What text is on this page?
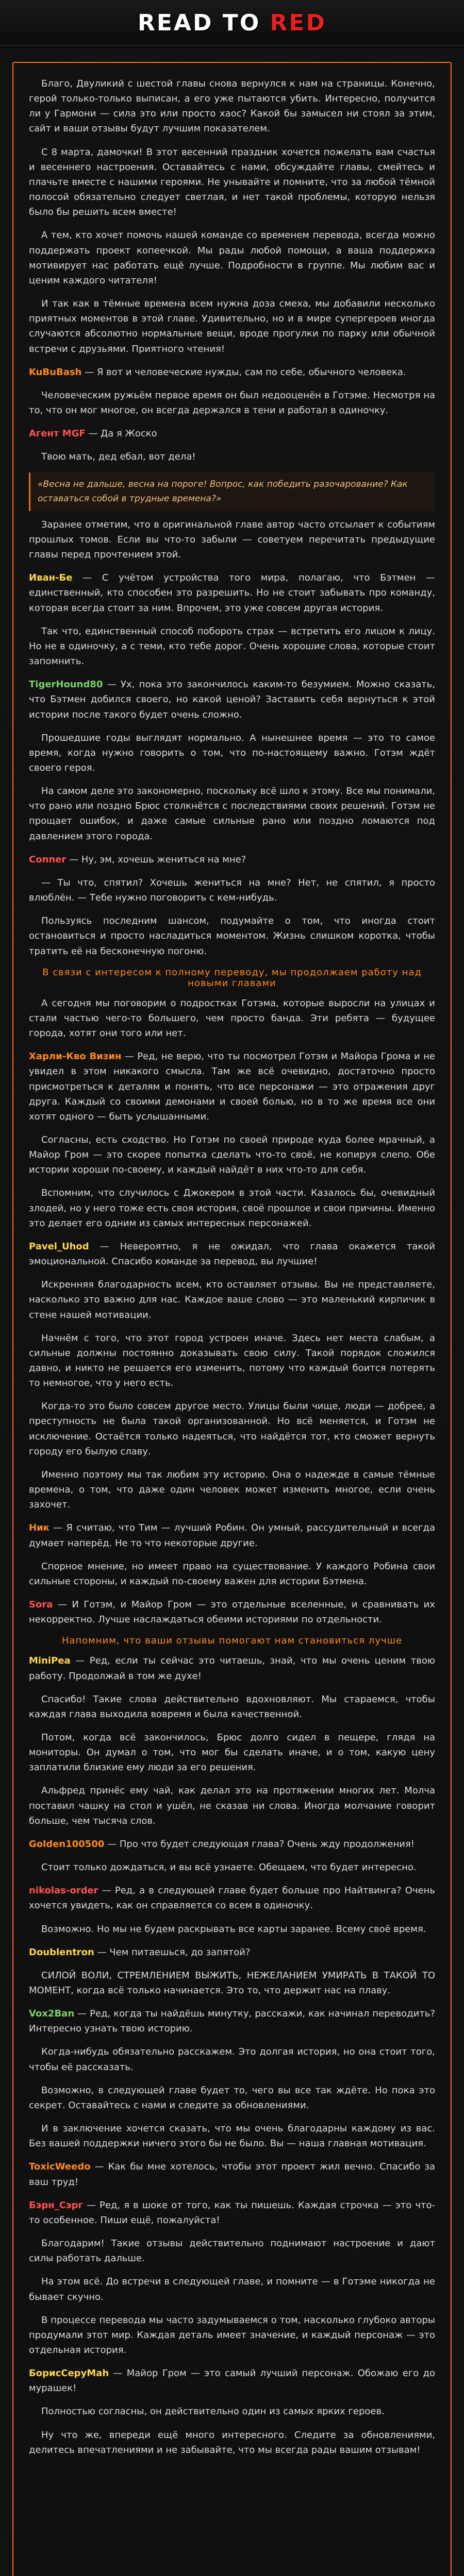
READ TO RED
Благо, Двуликий с шестой главы снова вернулся к нам на страницы. Конечно, герой только-только выписан, а его уже пытаются убить. Интересно, получится ли у Гармони — сила это или просто хаос? Какой бы замысел ни стоял за этим, сайт и ваши отзывы будут лучшим показателем.
С 8 марта, дамочки! В этот весенний праздник хочется пожелать вам счастья и весеннего настроения. Оставайтесь с нами, обсуждайте главы, смейтесь и плачьте вместе с нашими героями. Не унывайте и помните, что за любой тёмной полосой обязательно следует светлая, и нет такой проблемы, которую нельзя было бы решить всем вместе!
А тем, кто хочет помочь нашей команде со временем перевода, всегда можно поддержать проект копеечкой. Мы рады любой помощи, а ваша поддержка мотивирует нас работать ещё лучше. Подробности в группе. Мы любим вас и ценим каждого читателя!
И так как в тёмные времена всем нужна доза смеха, мы добавили несколько приятных моментов в этой главе. Удивительно, но и в мире супергероев иногда случаются абсолютно нормальные вещи, вроде прогулки по парку или обычной встречи с друзьями. Приятного чтения!
KuBuBash — Я вот и человеческие нужды, сам по себе, обычного человека.
Человеческим ружьём первое время он был недооценён в Готэме. Несмотря на то, что он мог многое, он всегда держался в тени и работал в одиночку.
Агент MGF — Да я Жоско
Твою мать, дед ебал, вот дела!
«Весна не дальше, весна на пороге! Вопрос, как победить разочарование? Как оставаться собой в трудные времена?»
Заранее отметим, что в оригинальной главе автор часто отсылает к событиям прошлых томов. Если вы что-то забыли — советуем перечитать предыдущие главы перед прочтением этой.
Иван-Бе — С учётом устройства того мира, полагаю, что Бэтмен — единственный, кто способен это разрешить. Но не стоит забывать про команду, которая всегда стоит за ним. Впрочем, это уже совсем другая история.
Так что, единственный способ побороть страх — встретить его лицом к лицу. Но не в одиночку, а с теми, кто тебе дорог. Очень хорошие слова, которые стоит запомнить.
TigerHound80 — Ух, пока это закончилось каким-то безумием. Можно сказать, что Бэтмен добился своего, но какой ценой? Заставить себя вернуться к этой истории после такого будет очень сложно.
Прошедшие годы выглядят нормально. А нынешнее время — это то самое время, когда нужно говорить о том, что по-настоящему важно. Готэм ждёт своего героя.
На самом деле это закономерно, поскольку всё шло к этому. Все мы понимали, что рано или поздно Брюс столкнётся с последствиями своих решений. Готэм не прощает ошибок, и даже самые сильные рано или поздно ломаются под давлением этого города.
Conner — Ну, эм, хочешь жениться на мне?
— Ты что, спятил? Хочешь жениться на мне? Нет, не спятил, я просто влюблён. — Тебе нужно поговорить с кем-нибудь.
Пользуясь последним шансом, подумайте о том, что иногда стоит остановиться и просто насладиться моментом. Жизнь слишком коротка, чтобы тратить её на бесконечную погоню.
В связи с интересом к полному переводу, мы продолжаем работу над новыми главами
А сегодня мы поговорим о подростках Готэма, которые выросли на улицах и стали частью чего-то большего, чем просто банда. Эти ребята — будущее города, хотят они того или нет.
Харли-Кво Визин — Ред, не верю, что ты посмотрел Готэм и Майора Грома и не увидел в этом никакого смысла. Там же всё очевидно, достаточно просто присмотреться к деталям и понять, что все персонажи — это отражения друг друга. Каждый со своими демонами и своей болью, но в то же время все они хотят одного — быть услышанными.
Согласны, есть сходство. Но Готэм по своей природе куда более мрачный, а Майор Гром — это скорее попытка сделать что-то своё, не копируя слепо. Обе истории хороши по-своему, и каждый найдёт в них что-то для себя.
Вспомним, что случилось с Джокером в этой части. Казалось бы, очевидный злодей, но у него тоже есть своя история, своё прошлое и свои причины. Именно это делает его одним из самых интересных персонажей.
Pavel_Uhod — Невероятно, я не ожидал, что глава окажется такой эмоциональной. Спасибо команде за перевод, вы лучшие!
Искренняя благодарность всем, кто оставляет отзывы. Вы не представляете, насколько это важно для нас. Каждое ваше слово — это маленький кирпичик в стене нашей мотивации.
Начнём с того, что этот город устроен иначе. Здесь нет места слабым, а сильные должны постоянно доказывать свою силу. Такой порядок сложился давно, и никто не решается его изменить, потому что каждый боится потерять то немногое, что у него есть.
Когда-то это было совсем другое место. Улицы были чище, люди — добрее, а преступность не была такой организованной. Но всё меняется, и Готэм не исключение. Остаётся только надеяться, что найдётся тот, кто сможет вернуть городу его былую славу.
Именно поэтому мы так любим эту историю. Она о надежде в самые тёмные времена, о том, что даже один человек может изменить многое, если очень захочет.
Ник — Я считаю, что Тим — лучший Робин. Он умный, рассудительный и всегда думает наперёд. Не то что некоторые другие.
Спорное мнение, но имеет право на существование. У каждого Робина свои сильные стороны, и каждый по-своему важен для истории Бэтмена.
Sora — И Готэм, и Майор Гром — это отдельные вселенные, и сравнивать их некорректно. Лучше наслаждаться обеими историями по отдельности.
Напомним, что ваши отзывы помогают нам становиться лучше
MiniPea — Ред, если ты сейчас это читаешь, знай, что мы очень ценим твою работу. Продолжай в том же духе!
Спасибо! Такие слова действительно вдохновляют. Мы стараемся, чтобы каждая глава выходила вовремя и была качественной.
Потом, когда всё закончилось, Брюс долго сидел в пещере, глядя на мониторы. Он думал о том, что мог бы сделать иначе, и о том, какую цену заплатили близкие ему люди за его решения.
Альфред принёс ему чай, как делал это на протяжении многих лет. Молча поставил чашку на стол и ушёл, не сказав ни слова. Иногда молчание говорит больше, чем тысяча слов.
Golden100500 — Про что будет следующая глава? Очень жду продолжения!
Стоит только дождаться, и вы всё узнаете. Обещаем, что будет интересно.
nikolas-order — Ред, а в следующей главе будет больше про Найтвинга? Очень хочется увидеть, как он справляется со всем в одиночку.
Возможно. Но мы не будем раскрывать все карты заранее. Всему своё время.
Doublentron — Чем питаешься, до запятой?
СИЛОЙ ВОЛИ, СТРЕМЛЕНИЕМ ВЫЖИТЬ, НЕЖЕЛАНИЕМ УМИРАТЬ В ТАКОЙ ТО МОМЕНТ, когда всё только начинается. Это то, что держит нас на плаву.
Vox2Ban — Ред, когда ты найдёшь минутку, расскажи, как начинал переводить? Интересно узнать твою историю.
Когда-нибудь обязательно расскажем. Это долгая история, но она стоит того, чтобы её рассказать.
Возможно, в следующей главе будет то, чего вы все так ждёте. Но пока это секрет. Оставайтесь с нами и следите за обновлениями.
И в заключение хочется сказать, что мы очень благодарны каждому из вас. Без вашей поддержки ничего этого бы не было. Вы — наша главная мотивация.
ToxicWeedo — Как бы мне хотелось, чтобы этот проект жил вечно. Спасибо за ваш труд!
Бэрн_Сэрг — Ред, я в шоке от того, как ты пишешь. Каждая строчка — это что-то особенное. Пиши ещё, пожалуйста!
Благодарим! Такие отзывы действительно поднимают настроение и дают силы работать дальше.
На этом всё. До встречи в следующей главе, и помните — в Готэме никогда не бывает скучно.
В процессе перевода мы часто задумываемся о том, насколько глубоко авторы продумали этот мир. Каждая деталь имеет значение, и каждый персонаж — это отдельная история.
БорисCepyMah — Майор Гром — это самый лучший персонаж. Обожаю его до мурашек!
Полностью согласны, он действительно один из самых ярких героев.
Ну что же, впереди ещё много интересного. Следите за обновлениями, делитесь впечатлениями и не забывайте, что мы всегда рады вашим отзывам!
